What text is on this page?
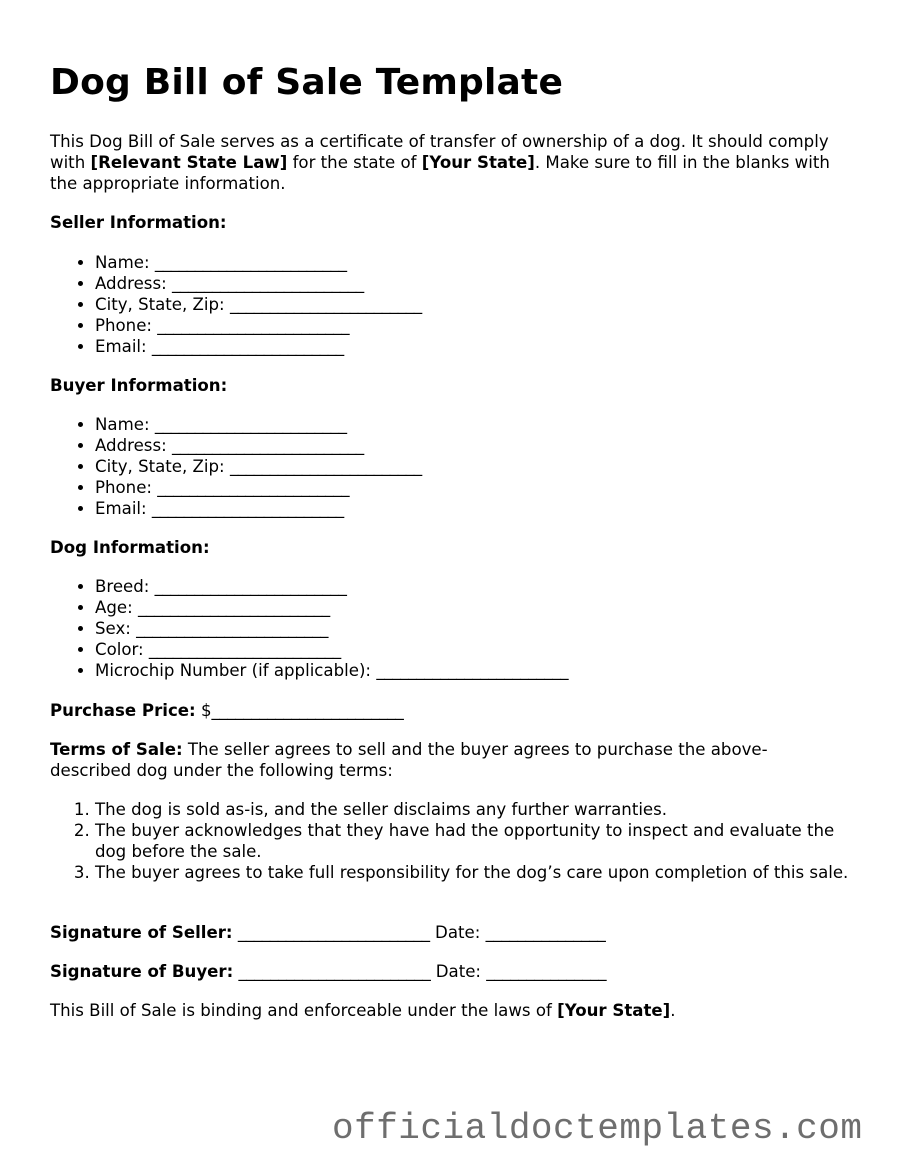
Dog Bill of Sale Template

This Dog Bill of Sale serves as a certificate of transfer of ownership of a dog. It should comply with [Relevant State Law] for the state of [Your State]. Make sure to fill in the blanks with the appropriate information.

Seller Information:

• Name: ________________________
• Address: ________________________
• City, State, Zip: ________________________
• Phone: ________________________
• Email: ________________________

Buyer Information:

• Name: ________________________
• Address: ________________________
• City, State, Zip: ________________________
• Phone: ________________________
• Email: ________________________

Dog Information:

• Breed: ________________________
• Age: ________________________
• Sex: ________________________
• Color: ________________________
• Microchip Number (if applicable): ________________________

Purchase Price: $________________________

Terms of Sale: The seller agrees to sell and the buyer agrees to purchase the above-described dog under the following terms:

1. The dog is sold as-is, and the seller disclaims any further warranties.
2. The buyer acknowledges that they have had the opportunity to inspect and evaluate the dog before the sale.
3. The buyer agrees to take full responsibility for the dog’s care upon completion of this sale.

Signature of Seller: ________________________ Date: _______________

Signature of Buyer: ________________________ Date: _______________

This Bill of Sale is binding and enforceable under the laws of [Your State].

officialdoctemplates.com
